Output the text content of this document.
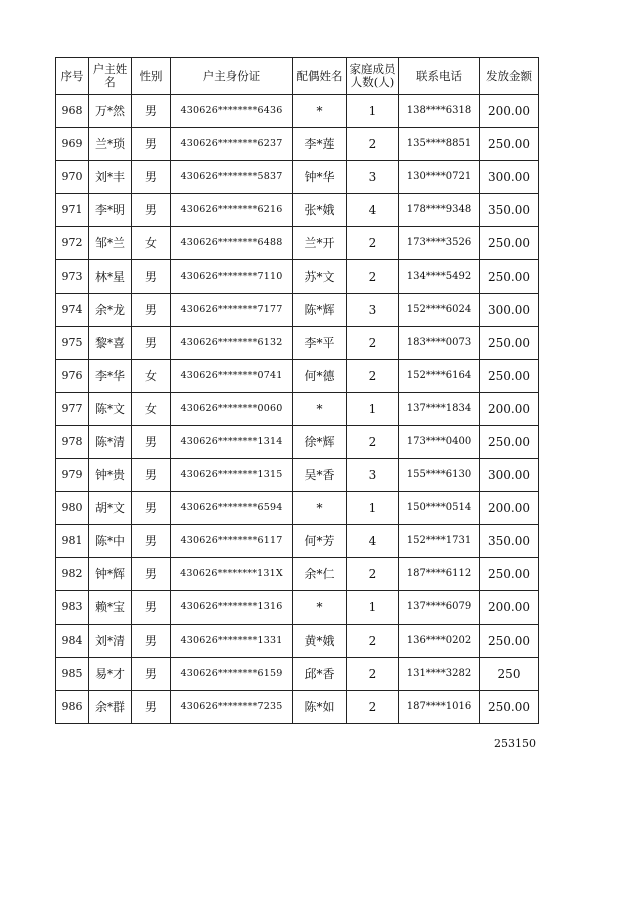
序号	户主姓名	性别	户主身份证	配偶姓名	家庭成员人数(人)	联系电话	发放金额
968	万*然	男	430626********6436	*	1	138****6318	200.00
969	兰*琐	男	430626********6237	李*莲	2	135****8851	250.00
970	刘*丰	男	430626********5837	钟*华	3	130****0721	300.00
971	李*明	男	430626********6216	张*娥	4	178****9348	350.00
972	邹*兰	女	430626********6488	兰*开	2	173****3526	250.00
973	林*星	男	430626********7110	苏*文	2	134****5492	250.00
974	余*龙	男	430626********7177	陈*辉	3	152****6024	300.00
975	黎*喜	男	430626********6132	李*平	2	183****0073	250.00
976	李*华	女	430626********0741	何*德	2	152****6164	250.00
977	陈*文	女	430626********0060	*	1	137****1834	200.00
978	陈*清	男	430626********1314	徐*辉	2	173****0400	250.00
979	钟*贵	男	430626********1315	吴*香	3	155****6130	300.00
980	胡*文	男	430626********6594	*	1	150****0514	200.00
981	陈*中	男	430626********6117	何*芳	4	152****1731	350.00
982	钟*辉	男	430626********131X	余*仁	2	187****6112	250.00
983	赖*宝	男	430626********1316	*	1	137****6079	200.00
984	刘*清	男	430626********1331	黄*娥	2	136****0202	250.00
985	易*才	男	430626********6159	邱*香	2	131****3282	250
986	余*群	男	430626********7235	陈*如	2	187****1016	250.00
253150
